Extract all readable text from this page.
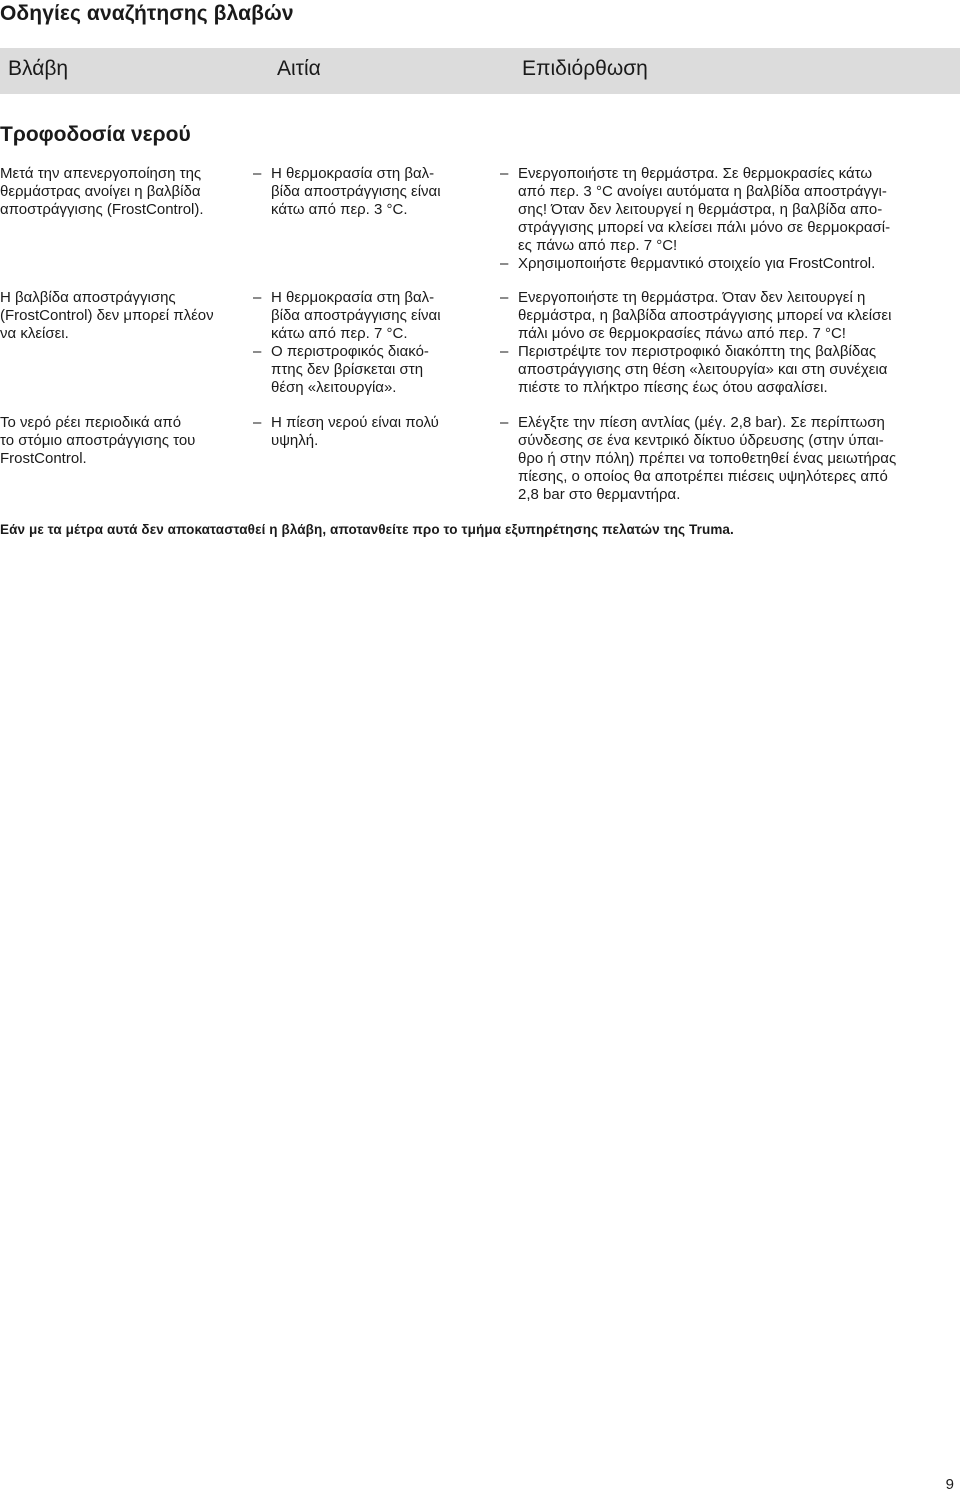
Οδηγίες αναζήτησης βλαβών
Βλάβη	Αιτία	Επιδιόρθωση
Τροφοδοσία νερού
Μετά την απενεργοποίηση της
θερμάστρας ανοίγει η βαλβίδα
αποστράγγισης (FrostControl).
– Η θερμοκρασία στη βαλ-
βίδα αποστράγγισης είναι
κάτω από περ. 3 °C.
– Ενεργοποιήστε τη θερμάστρα. Σε θερμοκρασίες κάτω
από περ. 3 °C ανοίγει αυτόματα η βαλβίδα αποστράγγι-
σης! Όταν δεν λειτουργεί η θερμάστρα, η βαλβίδα απο-
στράγγισης μπορεί να κλείσει πάλι μόνο σε θερμοκρασί-
ες πάνω από περ. 7 °C!
– Χρησιμοποιήστε θερμαντικό στοιχείο για FrostControl.
Η βαλβίδα αποστράγγισης
(FrostControl) δεν μπορεί πλέον
να κλείσει.
– Η θερμοκρασία στη βαλ-
βίδα αποστράγγισης είναι
κάτω από περ. 7 °C.
– Ο περιστροφικός διακό-
πτης δεν βρίσκεται στη
θέση «λειτουργία».
– Ενεργοποιήστε τη θερμάστρα. Όταν δεν λειτουργεί η
θερμάστρα, η βαλβίδα αποστράγγισης μπορεί να κλείσει
πάλι μόνο σε θερμοκρασίες πάνω από περ. 7 °C!
– Περιστρέψτε τον περιστροφικό διακόπτη της βαλβίδας
αποστράγγισης στη θέση «λειτουργία» και στη συνέχεια
πιέστε το πλήκτρο πίεσης έως ότου ασφαλίσει.
Το νερό ρέει περιοδικά από
το στόμιο αποστράγγισης του
FrostControl.
– Η πίεση νερού είναι πολύ
υψηλή.
– Ελέγξτε την πίεση αντλίας (μέγ. 2,8 bar). Σε περίπτωση
σύνδεσης σε ένα κεντρικό δίκτυο ύδρευσης (στην ύπαι-
θρο ή στην πόλη) πρέπει να τοποθετηθεί ένας μειωτήρας
πίεσης, ο οποίος θα αποτρέπει πιέσεις υψηλότερες από
2,8 bar στο θερμαντήρα.

Εάν με τα μέτρα αυτά δεν αποκατασταθεί η βλάβη, αποτανθείτε προ το τμήμα εξυπηρέτησης πελατών της Truma.

9
